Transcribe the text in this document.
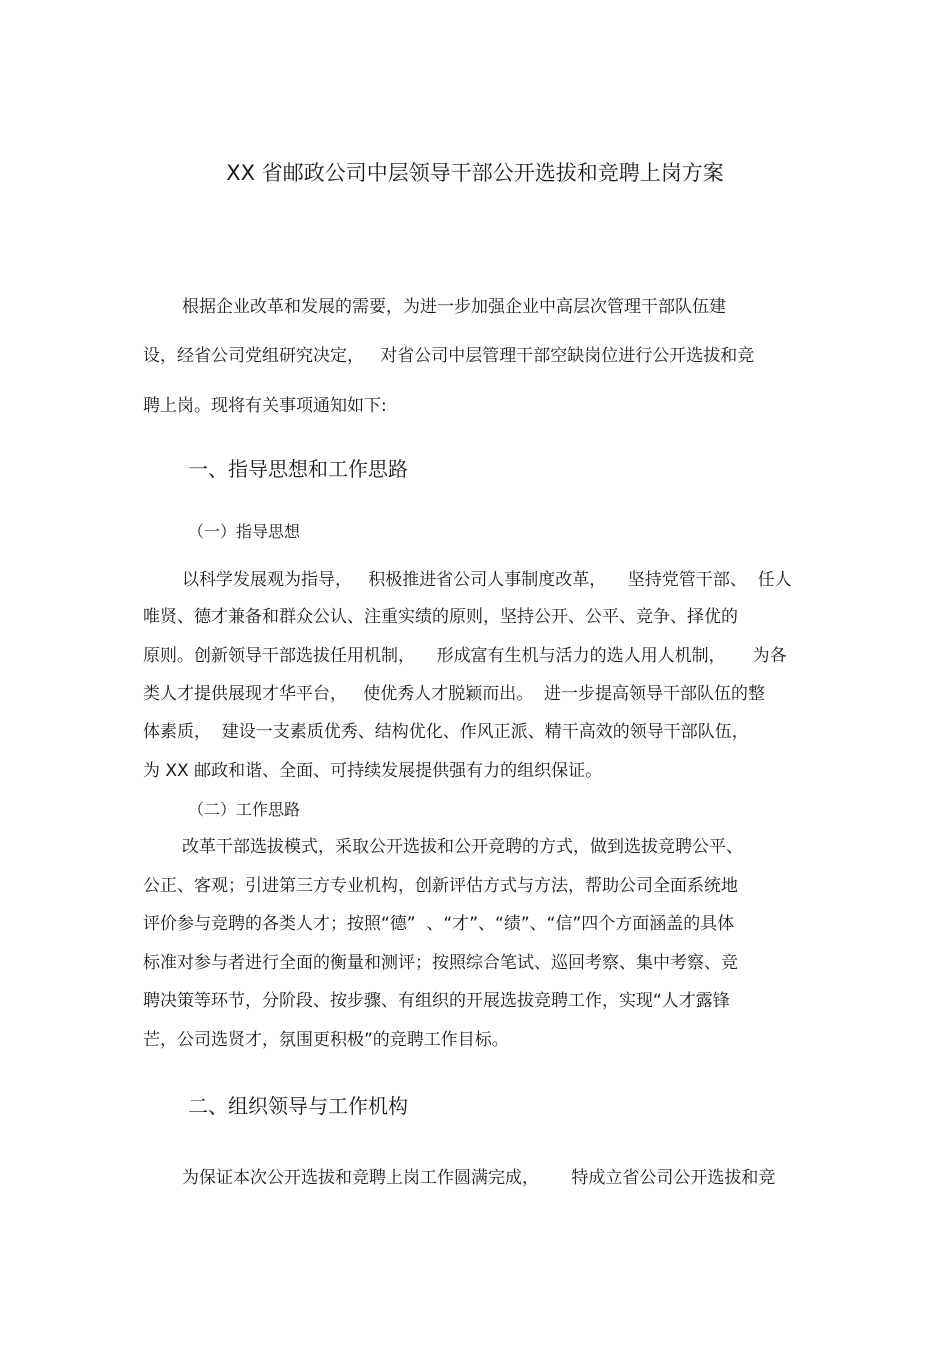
XX 省邮政公司中层领导干部公开选拔和竞聘上岗方案
根据企业改革和发展的需要，为进一步加强企业中高层次管理干部队伍建
设，经省公司党组研究决定，   对省公司中层管理干部空缺岗位进行公开选拔和竞
聘上岗。现将有关事项通知如下:
一、指导思想和工作思路
（一）指导思想
以科学发展观为指导，   积极推进省公司人事制度改革，    坚持党管干部、  任人
唯贤、德才兼备和群众公认、注重实绩的原则，坚持公开、公平、竞争、择优的
原则。创新领导干部选拔任用机制，    形成富有生机与活力的选人用人机制，     为各
类人才提供展现才华平台，   使优秀人才脱颖而出。  进一步提高领导干部队伍的整
体素质，  建设一支素质优秀、结构优化、作风正派、精干高效的领导干部队伍，
为 XX 邮政和谐、全面、可持续发展提供强有力的组织保证。
（二）工作思路
改革干部选拔模式，采取公开选拔和公开竞聘的方式，做到选拔竞聘公平、
公正、客观；引进第三方专业机构，创新评估方式与方法，帮助公司全面系统地
评价参与竞聘的各类人才；按照“德”  、“才”、“绩”、“信”四个方面涵盖的具体
标准对参与者进行全面的衡量和测评；按照综合笔试、巡回考察、集中考察、竞
聘决策等环节，分阶段、按步骤、有组织的开展选拔竞聘工作，实现“人才露锋
芒，公司选贤才，氛围更积极”的竞聘工作目标。
二、组织领导与工作机构
为保证本次公开选拔和竞聘上岗工作圆满完成，      特成立省公司公开选拔和竞
